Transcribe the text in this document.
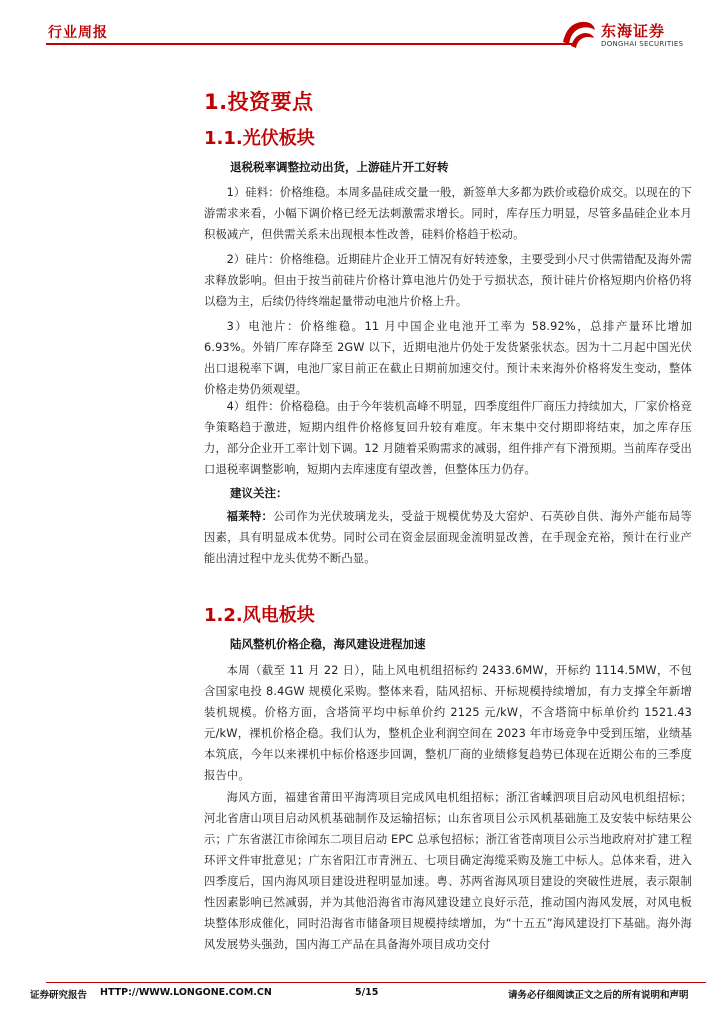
行业周报	东海证券
DONGHAI SECURITIES
1.投资要点
1.1.光伏板块
退税税率调整拉动出货，上游硅片开工好转
1）硅料：价格维稳。本周多晶硅成交量一般，新签单大多都为跌价或稳价成交。以现在的下游需求来看，小幅下调价格已经无法刺激需求增长。同时，库存压力明显，尽管多晶硅企业本月积极减产，但供需关系未出现根本性改善，硅料价格趋于松动。
2）硅片：价格维稳。近期硅片企业开工情况有好转迹象，主要受到小尺寸供需错配及海外需求释放影响。但由于按当前硅片价格计算电池片仍处于亏损状态，预计硅片价格短期内价格仍将以稳为主，后续仍待终端起量带动电池片价格上升。
3）电池片：价格维稳。11 月中国企业电池开工率为 58.92%，总排产量环比增加 6.93%。外销厂库存降至 2GW 以下，近期电池片仍处于发货紧张状态。因为十二月起中国光伏出口退税率下调，电池厂家目前正在截止日期前加速交付。预计未来海外价格将发生变动，整体价格走势仍须观望。
4）组件：价格稳稳。由于今年装机高峰不明显，四季度组件厂商压力持续加大，厂家价格竞争策略趋于激进，短期内组件价格修复回升较有难度。年末集中交付期即将结束，加之库存压力，部分企业开工率计划下调。12 月随着采购需求的减弱，组件排产有下滑预期。当前库存受出口退税率调整影响，短期内去库速度有望改善，但整体压力仍存。
建议关注：
福莱特：公司作为光伏玻璃龙头，受益于规模优势及大窑炉、石英砂自供、海外产能布局等因素，具有明显成本优势。同时公司在资金层面现金流明显改善，在手现金充裕，预计在行业产能出清过程中龙头优势不断凸显。
1.2.风电板块
陆风整机价格企稳，海风建设进程加速
本周（截至 11 月 22 日），陆上风电机组招标约 2433.6MW，开标约 1114.5MW，不包含国家电投 8.4GW 规模化采购。整体来看，陆风招标、开标规模持续增加，有力支撑全年新增装机规模。价格方面，含塔筒平均中标单价约 2125 元/kW，不含塔筒中标单价约 1521.43 元/kW，裸机价格企稳。我们认为，整机企业利润空间在 2023 年市场竞争中受到压缩，业绩基本筑底，今年以来裸机中标价格逐步回调，整机厂商的业绩修复趋势已体现在近期公布的三季度报告中。
海风方面，福建省莆田平海湾项目完成风电机组招标；浙江省嵊泗项目启动风电机组招标；河北省唐山项目启动风机基础制作及运输招标；山东省项目公示风机基础施工及安装中标结果公示；广东省湛江市徐闻东二项目启动 EPC 总承包招标；浙江省苍南项目公示当地政府对扩建工程环评文件审批意见；广东省阳江市青洲五、七项目确定海缆采购及施工中标人。总体来看，进入四季度后，国内海风项目建设进程明显加速。粤、苏两省海风项目建设的突破性进展，表示限制性因素影响已然减弱，并为其他沿海省市海风建设建立良好示范，推动国内海风发展，对风电板块整体形成催化，同时沿海省市储备项目规模持续增加，为“十五五”海风建设打下基础。海外海风发展势头强劲，国内海工产品在具备海外项目成功交付
证券研究报告 HTTP://WWW.LONGONE.COM.CN	5/15	请务必仔细阅读正文之后的所有说明和声明
